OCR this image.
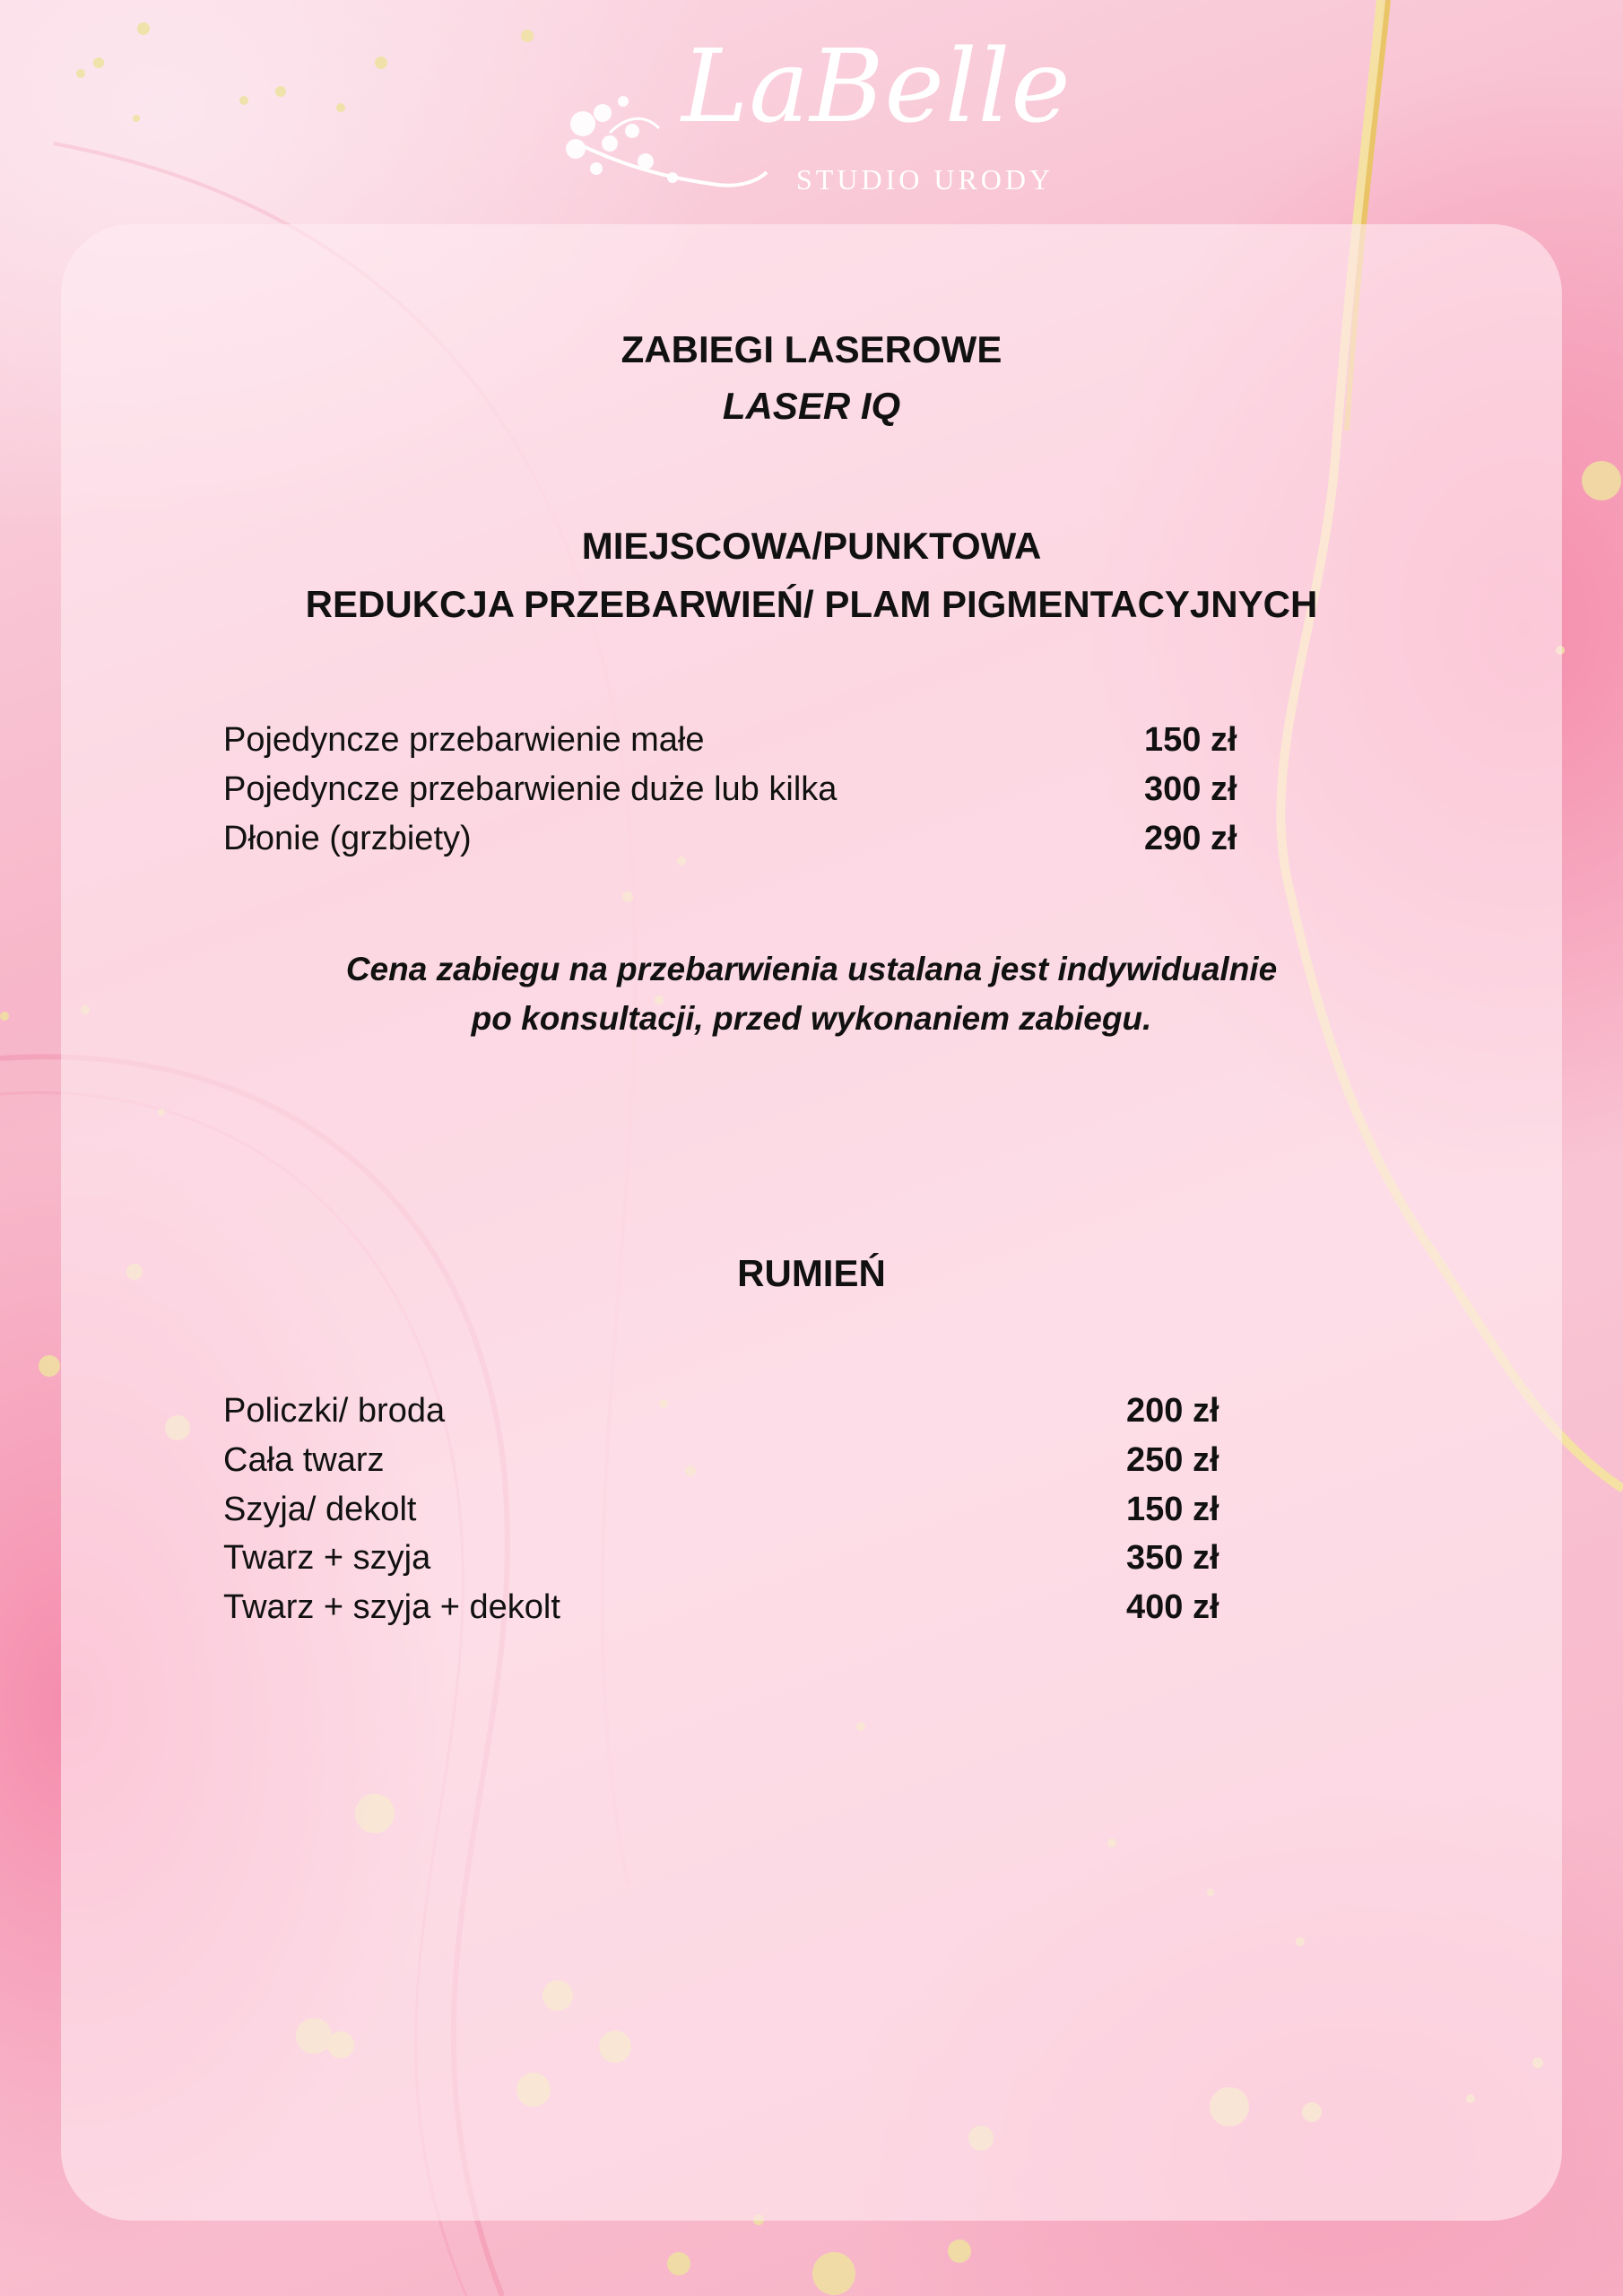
LaBelle
STUDIO URODY
ZABIEGI LASEROWE
LASER IQ
MIEJSCOWA/PUNKTOWA
REDUKCJA PRZEBARWIEŃ/ PLAM PIGMENTACYJNYCH
Pojedyncze przebarwienie małe	150 zł
Pojedyncze przebarwienie duże lub kilka	300 zł
Dłonie (grzbiety)	290 zł
Cena zabiegu na przebarwienia ustalana jest indywidualnie
po konsultacji, przed wykonaniem zabiegu.
RUMIEŃ
Policzki/ broda	200 zł
Cała twarz	250 zł
Szyja/ dekolt	150 zł
Twarz + szyja	350 zł
Twarz + szyja + dekolt	400 zł
